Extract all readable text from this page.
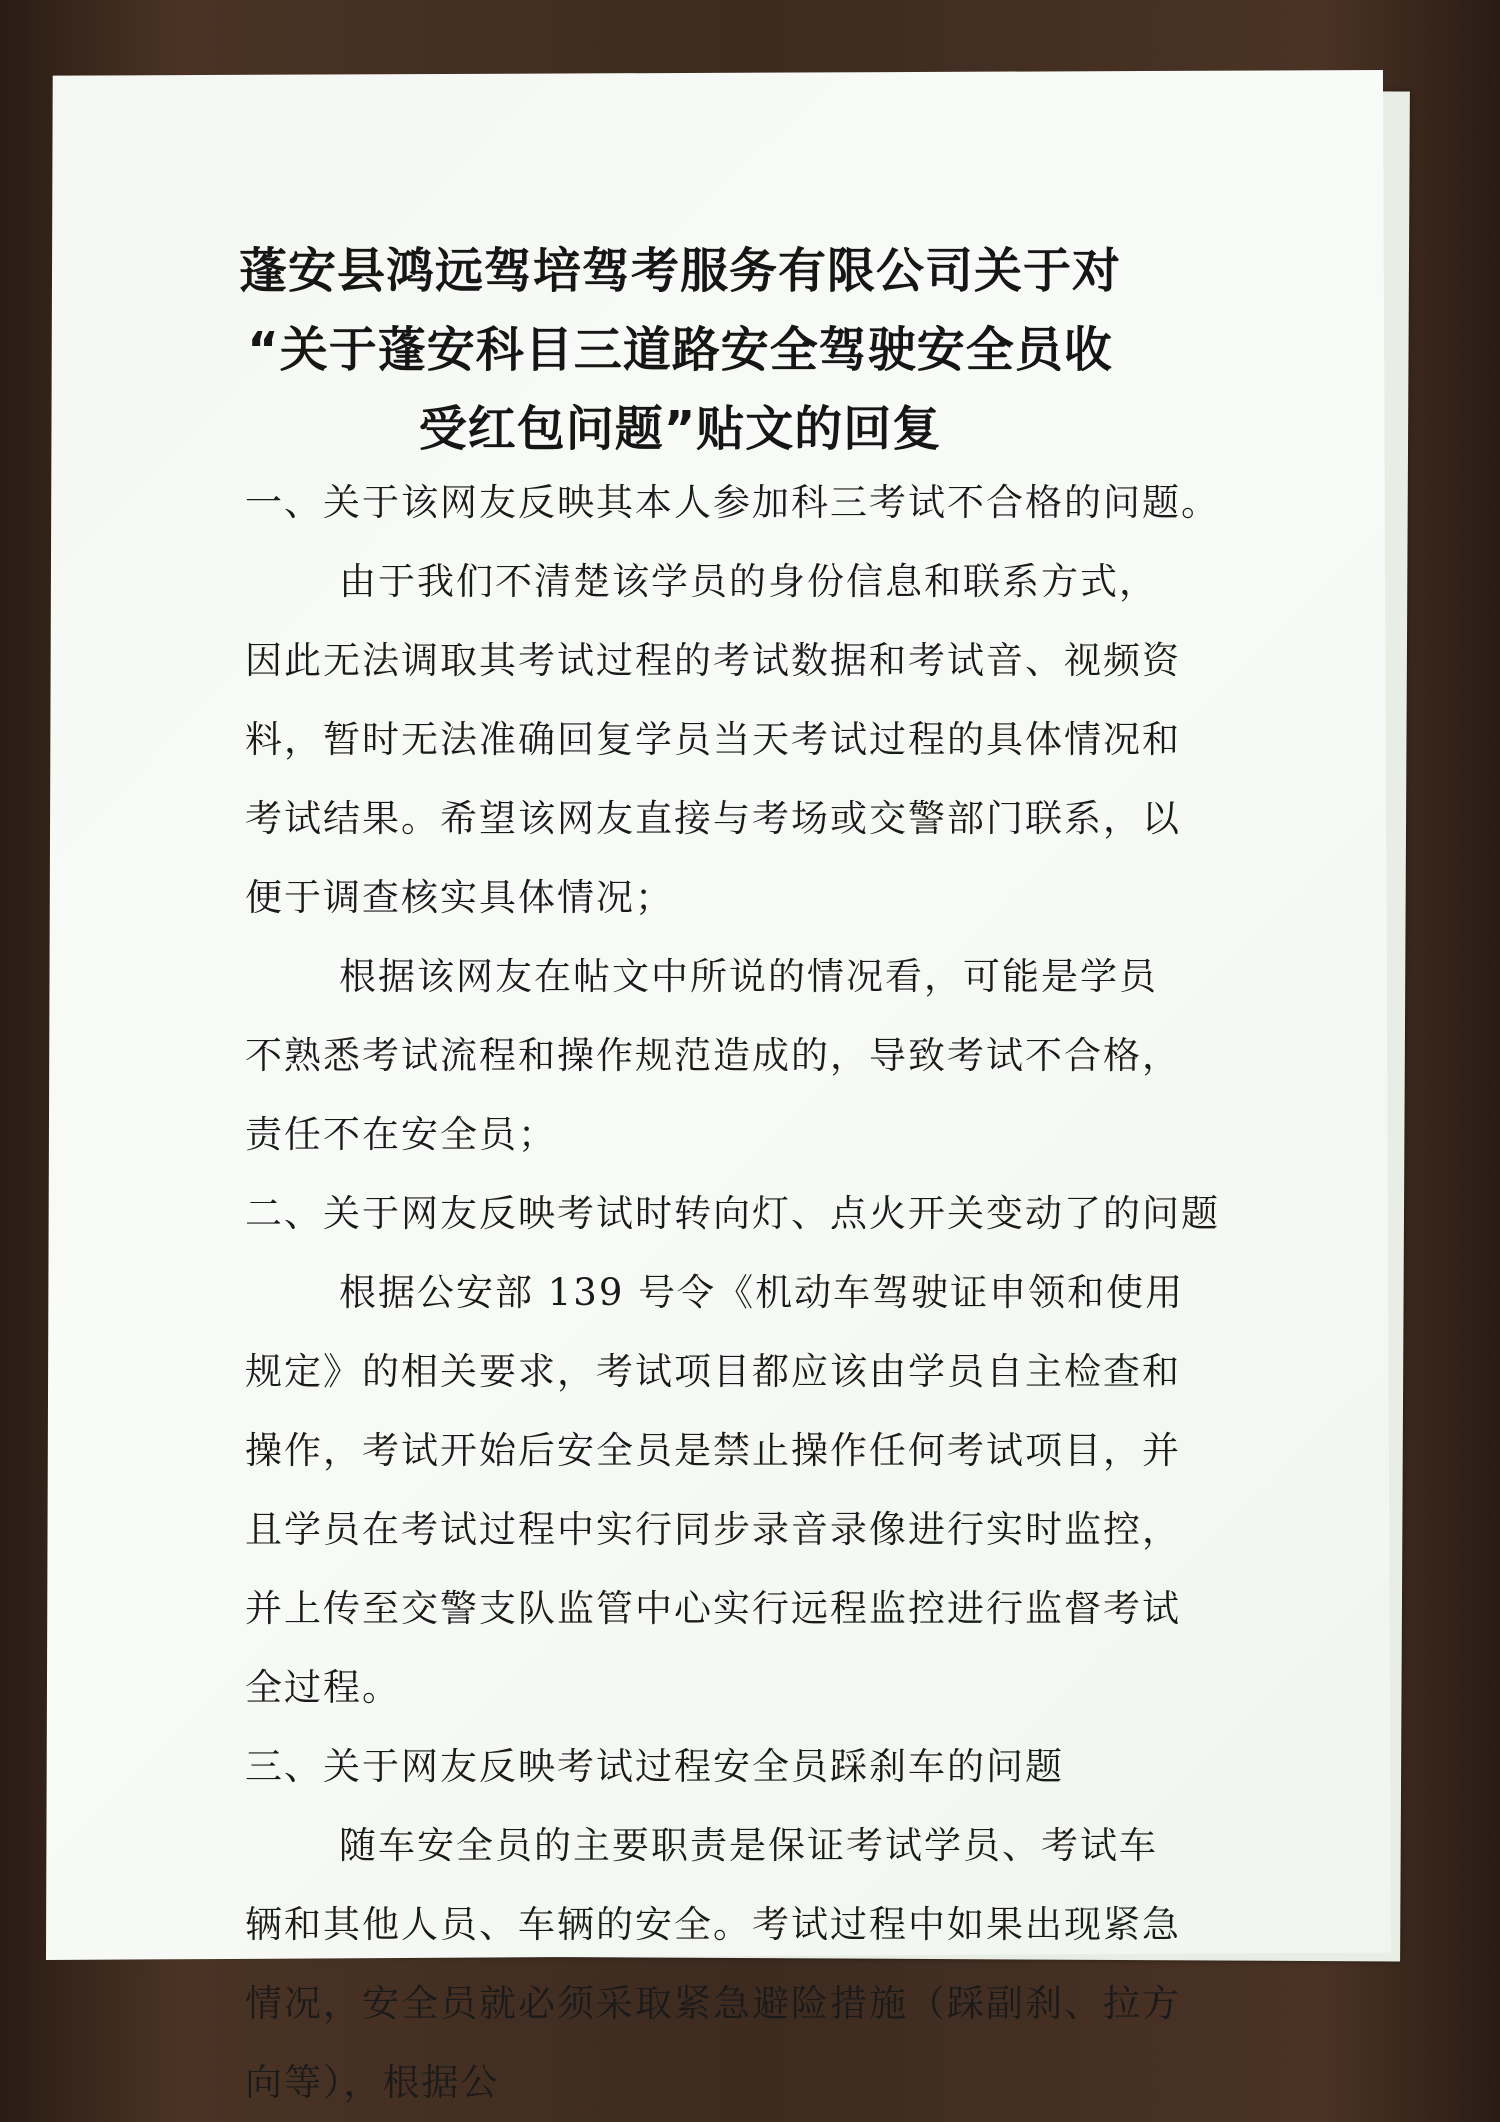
蓬安县鸿远驾培驾考服务有限公司关于对
“关于蓬安科目三道路安全驾驶安全员收
受红包问题”贴文的回复

一、关于该网友反映其本人参加科三考试不合格的问题。

由于我们不清楚该学员的身份信息和联系方式，因此无法调取其考试过程的考试数据和考试音、视频资料，暂时无法准确回复学员当天考试过程的具体情况和考试结果。希望该网友直接与考场或交警部门联系，以便于调查核实具体情况；

根据该网友在帖文中所说的情况看，可能是学员不熟悉考试流程和操作规范造成的，导致考试不合格，责任不在安全员；

二、关于网友反映考试时转向灯、点火开关变动了的问题

根据公安部 139 号令《机动车驾驶证申领和使用规定》的相关要求，考试项目都应该由学员自主检查和操作，考试开始后安全员是禁止操作任何考试项目，并且学员在考试过程中实行同步录音录像进行实时监控，并上传至交警支队监管中心实行远程监控进行监督考试全过程。

三、关于网友反映考试过程安全员踩刹车的问题

随车安全员的主要职责是保证考试学员、考试车辆和其他人员、车辆的安全。考试过程中如果出现紧急情况，安全员就必须采取紧急避险措施（踩副刹、拉方向等），根据公
